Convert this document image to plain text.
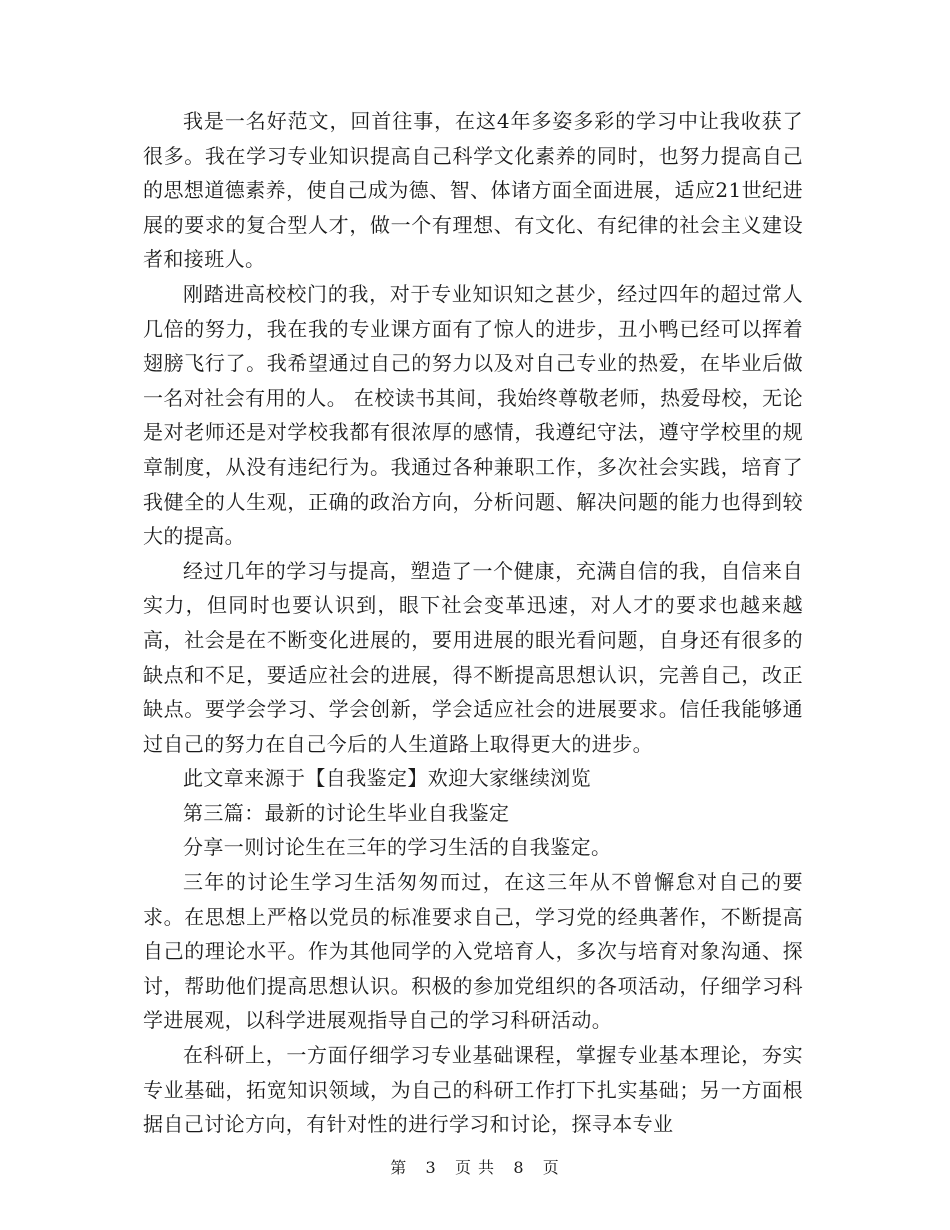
我是一名好范文，回首往事，在这4年多姿多彩的学习中让我收获了很多。我在学习专业知识提高自己科学文化素养的同时，也努力提高自己的思想道德素养，使自己成为德、智、体诸方面全面进展，适应21世纪进展的要求的复合型人才，做一个有理想、有文化、有纪律的社会主义建设者和接班人。

刚踏进高校校门的我，对于专业知识知之甚少，经过四年的超过常人几倍的努力，我在我的专业课方面有了惊人的进步，丑小鸭已经可以挥着翅膀飞行了。我希望通过自己的努力以及对自己专业的热爱，在毕业后做一名对社会有用的人。 在校读书其间，我始终尊敬老师，热爱母校，无论是对老师还是对学校我都有很浓厚的感情，我遵纪守法，遵守学校里的规章制度，从没有违纪行为。我通过各种兼职工作，多次社会实践，培育了我健全的人生观，正确的政治方向，分析问题、解决问题的能力也得到较大的提高。

经过几年的学习与提高，塑造了一个健康，充满自信的我，自信来自实力，但同时也要认识到，眼下社会变革迅速，对人才的要求也越来越高，社会是在不断变化进展的，要用进展的眼光看问题，自身还有很多的缺点和不足，要适应社会的进展，得不断提高思想认识，完善自己，改正缺点。要学会学习、学会创新，学会适应社会的进展要求。信任我能够通过自己的努力在自己今后的人生道路上取得更大的进步。

此文章来源于【自我鉴定】欢迎大家继续浏览

第三篇：最新的讨论生毕业自我鉴定

分享一则讨论生在三年的学习生活的自我鉴定。

三年的讨论生学习生活匆匆而过，在这三年从不曾懈怠对自己的要求。在思想上严格以党员的标准要求自己，学习党的经典著作，不断提高自己的理论水平。作为其他同学的入党培育人，多次与培育对象沟通、探讨，帮助他们提高思想认识。积极的参加党组织的各项活动，仔细学习科学进展观，以科学进展观指导自己的学习科研活动。

在科研上，一方面仔细学习专业基础课程，掌握专业基本理论，夯实专业基础，拓宽知识领域，为自己的科研工作打下扎实基础；另一方面根据自己讨论方向，有针对性的进行学习和讨论，探寻本专业

第 3 页 共 8 页
